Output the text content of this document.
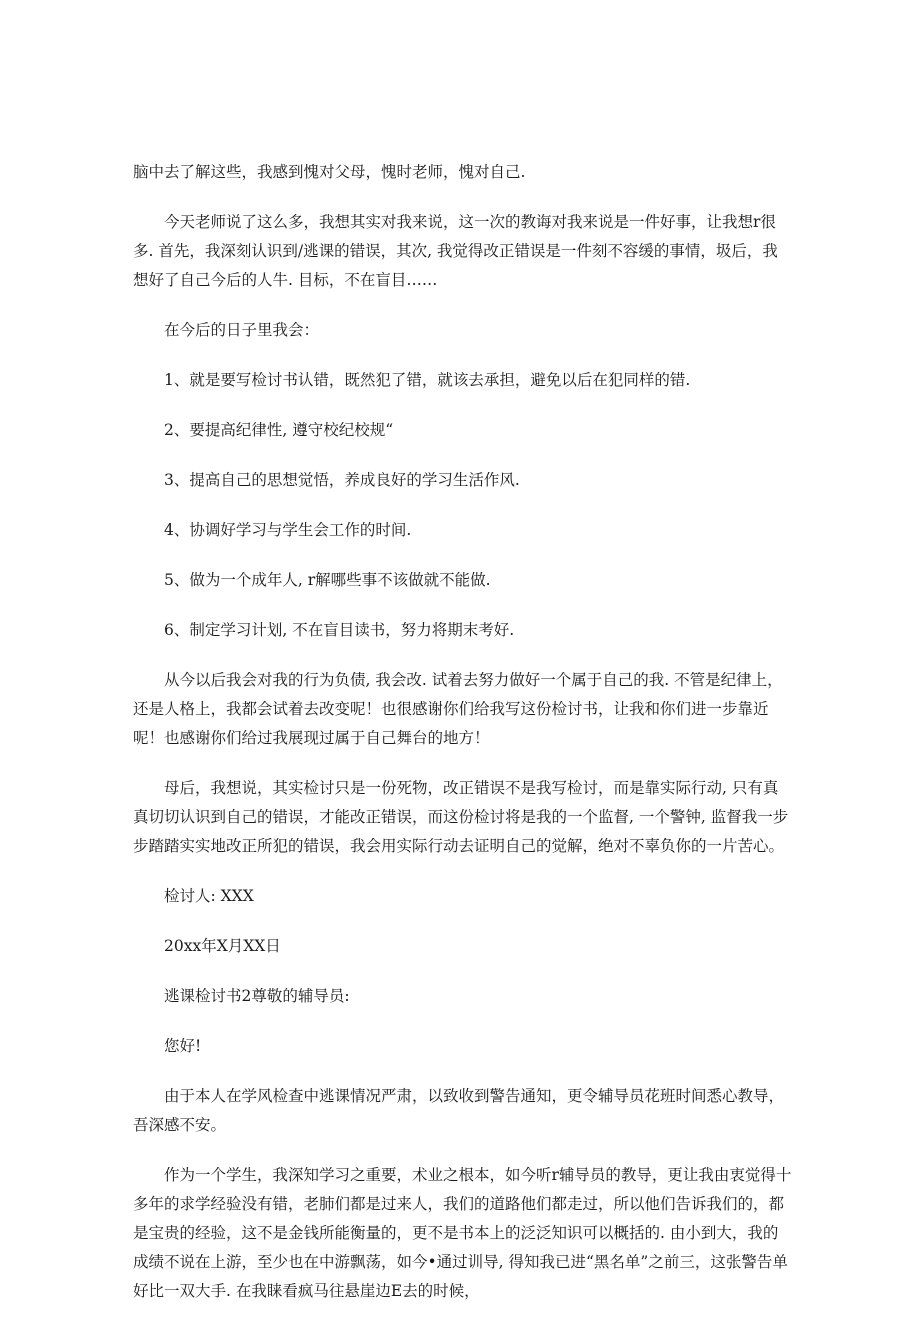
脑中去了解这些，我感到愧对父母，愧时老师，愧对自己.

今天老师说了这么多，我想其实对我来说，这一次的教诲对我来说是一件好事，让我想r很多. 首先，我深刻认识到/逃课的错误，其次, 我觉得改正错误是一件刻不容缓的事情，圾后，我想好了自己今后的人牛. 目标，不在盲目……

在今后的日子里我会：

1、就是要写检讨书认错，既然犯了错，就该去承担，避免以后在犯同样的错.

2、要提高纪律性, 遵守校纪校规“

3、提高自己的思想觉悟，养成良好的学习生活作风.

4、协调好学习与学生会工作的时间.

5、做为一个成年人, r解哪些事不该做就不能做.

6、制定学习计划, 不在盲目读书，努力将期末考好.

从今以后我会对我的行为负债, 我会改. 试着去努力做好一个属于自己的我. 不管是纪律上，还是人格上，我都会试着去改变呢！也很感谢你们给我写这份检讨书，让我和你们进一步靠近呢！也感谢你们给过我展现过属于自己舞台的地方！

母后，我想说，其实检讨只是一份死物，改正错误不是我写检讨，而是靠实际行动, 只有真真切切认识到自己的错误，才能改正错误，而这份检讨将是我的一个监督, 一个警钟, 监督我一步步踏踏实实地改正所犯的错误，我会用实际行动去证明自己的觉解，绝对不辜负你的一片苦心。

检讨人: XXX

20xx年X月XX日

逃课检讨书2尊敬的辅导员:

您好!

由于本人在学风检查中逃课情况严肃，以致收到警告通知，更令辅导员花班时间悉心教导，吾深感不安。

作为一个学生，我深知学习之重要，术业之根本，如今听r辅导员的教导，更让我由衷觉得十多年的求学经验没有错，老肺们都是过来人，我们的道路他们都走过，所以他们告诉我们的，都是宝贵的经验，这不是金钱所能衡量的，更不是书本上的泛泛知识可以概括的. 由小到大，我的成绩不说在上游，至少也在中游飘荡，如今•通过训导, 得知我已进“黑名单”之前三，这张警告单好比一双大手. 在我睐看疯马往悬崖边E去的时候，
